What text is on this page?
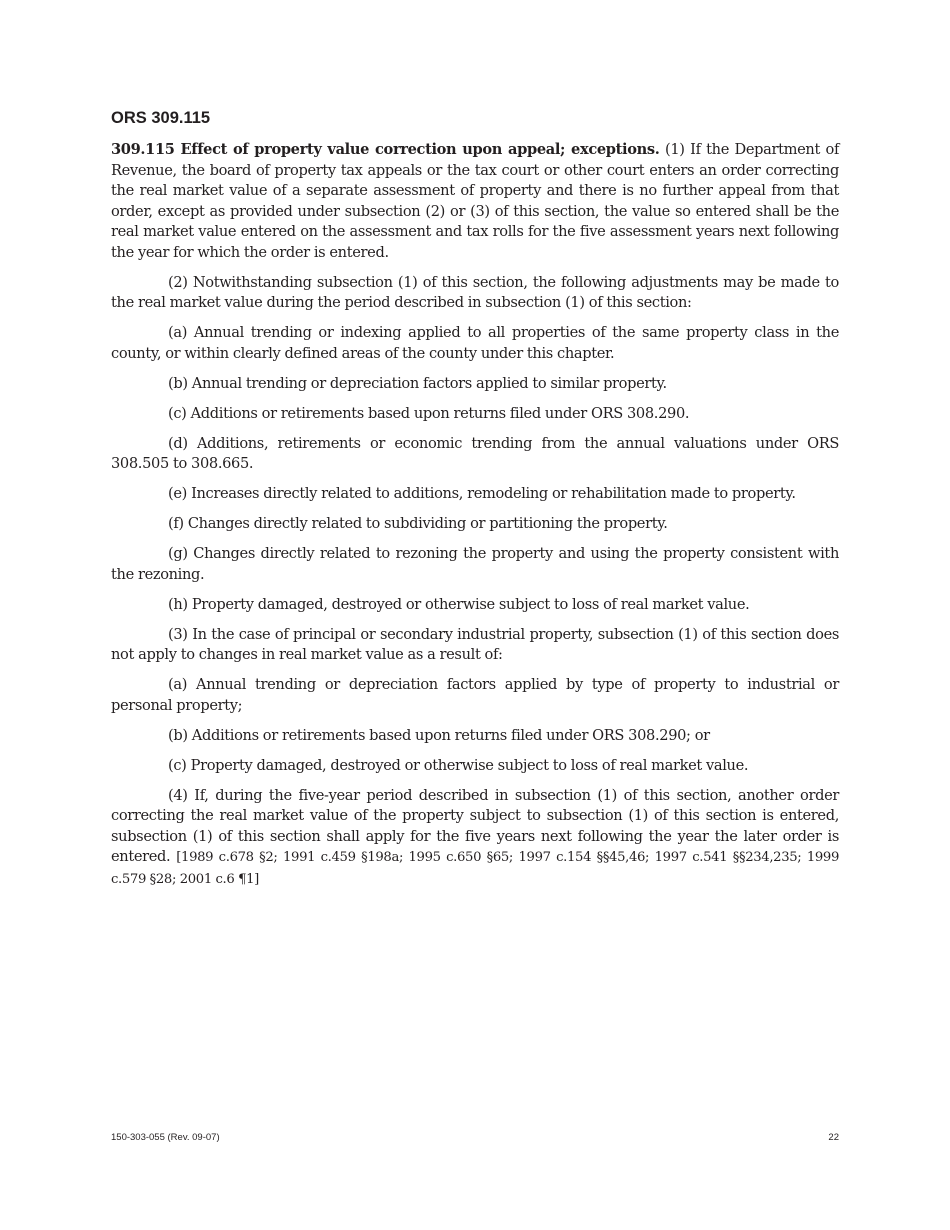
ORS 309.115

309.115 Effect of property value correction upon appeal; exceptions. (1) If the Department of Revenue, the board of property tax appeals or the tax court or other court enters an order correcting the real market value of a separate assessment of property and there is no further appeal from that order, except as provided under subsection (2) or (3) of this section, the value so entered shall be the real market value entered on the assessment and tax rolls for the five assessment years next following the year for which the order is entered.

(2) Notwithstanding subsection (1) of this section, the following adjustments may be made to the real market value during the period described in subsection (1) of this section:

(a) Annual trending or indexing applied to all properties of the same property class in the county, or within clearly defined areas of the county under this chapter.

(b) Annual trending or depreciation factors applied to similar property.

(c) Additions or retirements based upon returns filed under ORS 308.290.

(d) Additions, retirements or economic trending from the annual valuations under ORS 308.505 to 308.665.

(e) Increases directly related to additions, remodeling or rehabilitation made to property.

(f) Changes directly related to subdividing or partitioning the property.

(g) Changes directly related to rezoning the property and using the property consistent with the rezoning.

(h) Property damaged, destroyed or otherwise subject to loss of real market value.

(3) In the case of principal or secondary industrial property, subsection (1) of this section does not apply to changes in real market value as a result of:

(a) Annual trending or depreciation factors applied by type of property to industrial or personal property;

(b) Additions or retirements based upon returns filed under ORS 308.290; or

(c) Property damaged, destroyed or otherwise subject to loss of real market value.

(4) If, during the five-year period described in subsection (1) of this section, another order correcting the real market value of the property subject to subsection (1) of this section is entered, subsection (1) of this section shall apply for the five years next following the year the later order is entered. [1989 c.678 §2; 1991 c.459 §198a; 1995 c.650 §65; 1997 c.154 §§45,46; 1997 c.541 §§234,235; 1999 c.579 §28; 2001 c.6 ¶1]

150-303-055 (Rev. 09-07)	22
